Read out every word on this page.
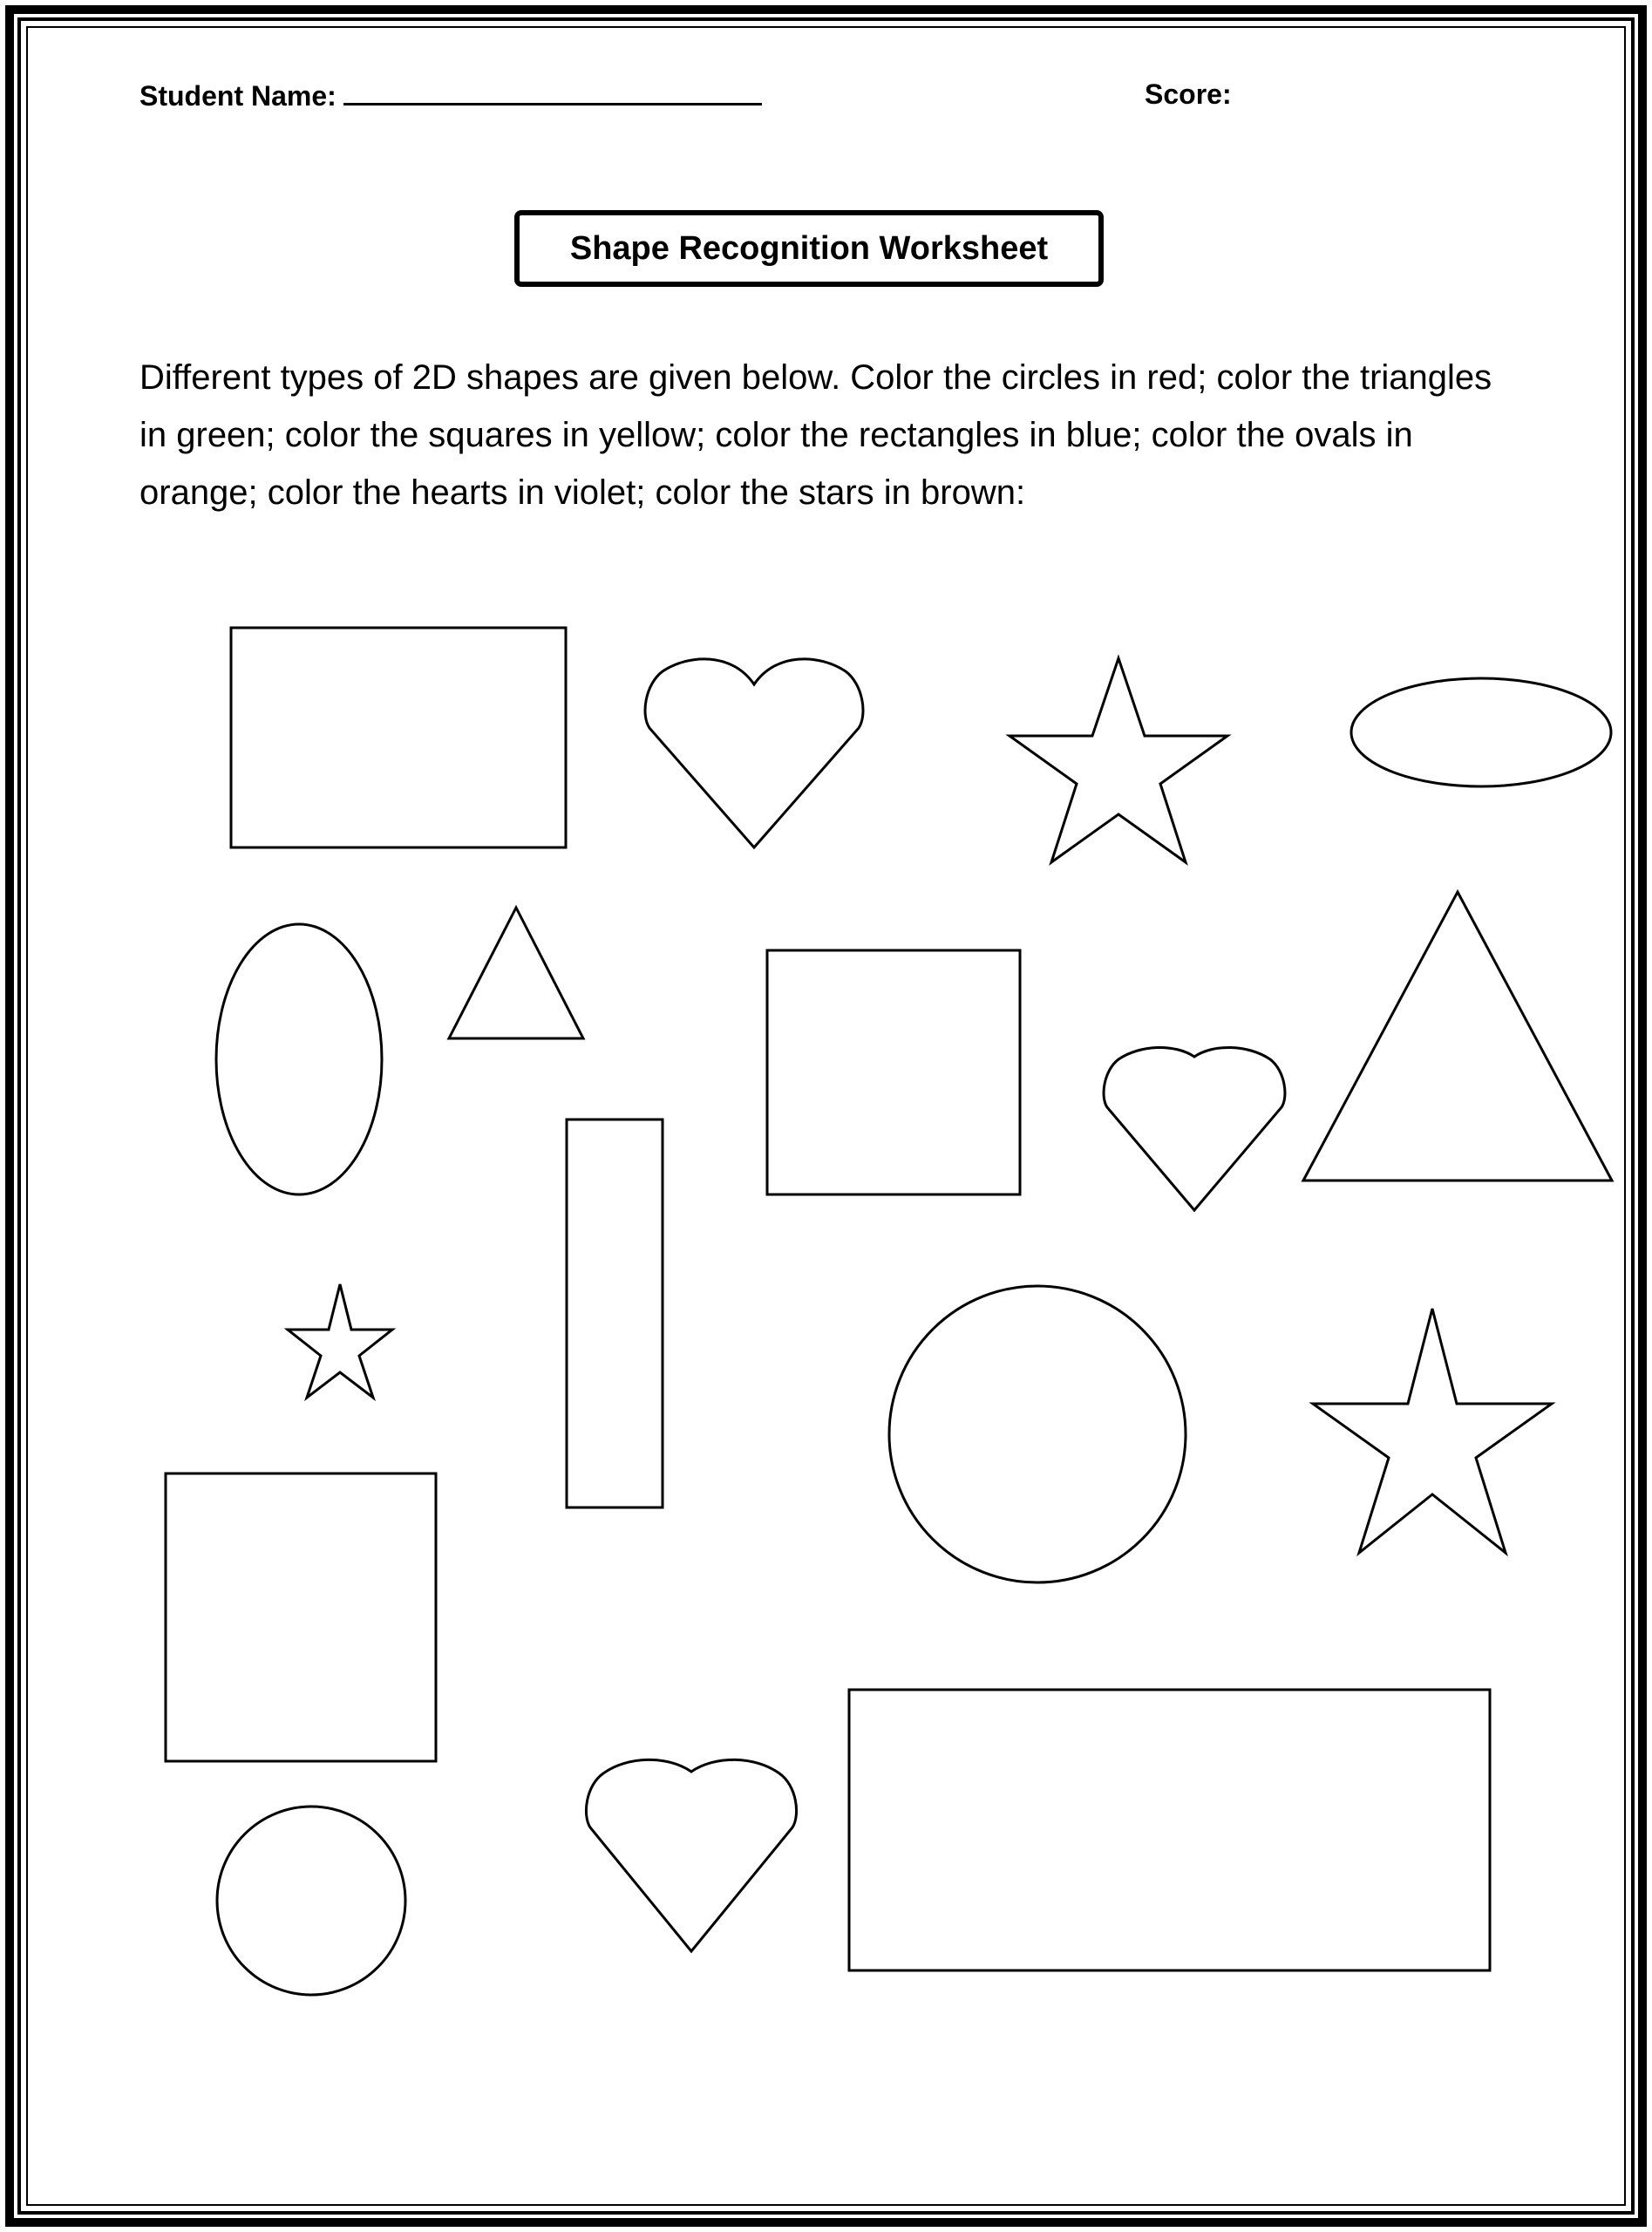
Student Name:	Score:
Shape Recognition Worksheet
Different types of 2D shapes are given below. Color the circles in red; color the triangles in green; color the squares in yellow; color the rectangles in blue; color the ovals in orange; color the hearts in violet; color the stars in brown:
